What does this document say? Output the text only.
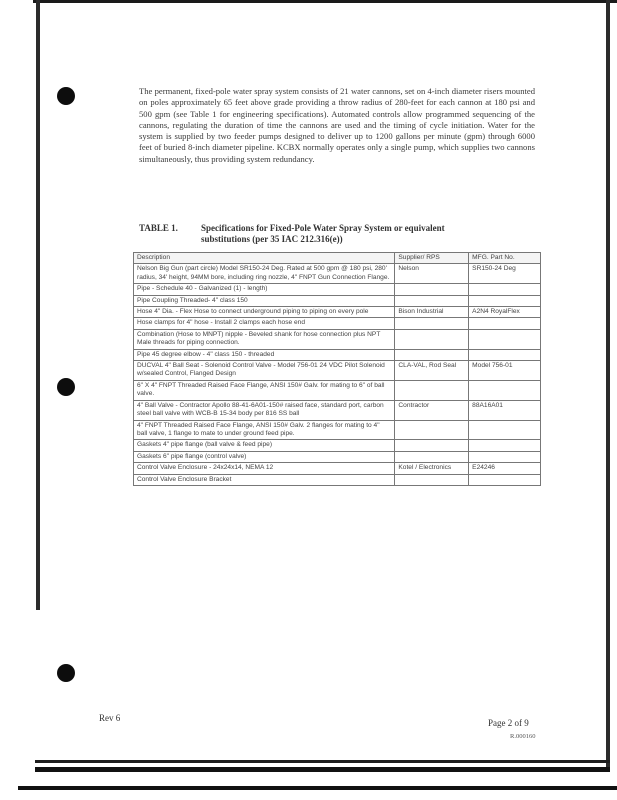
The permanent, fixed-pole water spray system consists of 21 water cannons, set on 4-inch diameter risers mounted on poles approximately 65 feet above grade providing a throw radius of 280-feet for each cannon at 180 psi and 500 gpm (see Table 1 for engineering specifications). Automated controls allow programmed sequencing of the cannons, regulating the duration of time the cannons are used and the timing of cycle initiation. Water for the system is supplied by two feeder pumps designed to deliver up to 1200 gallons per minute (gpm) through 6000 feet of buried 8-inch diameter pipeline. KCBX normally operates only a single pump, which supplies two cannons simultaneously, thus providing system redundancy.
TABLE 1.	Specifications for Fixed-Pole Water Spray System or equivalent
substitutions (per 35 IAC 212.316(e))
Description	Supplier/ RPS	MFG. Part No.
Nelson Big Gun (part circle) Model SR150-24 Deg. Rated at 500 gpm @ 180 psi, 280' radius, 34' height, 94MM bore, including ring nozzle, 4" FNPT Gun Connection Flange.	Nelson	SR150-24 Deg
Pipe - Schedule 40 - Galvanized (1) - length)		
Pipe Coupling Threaded- 4" class 150		
Hose 4" Dia. - Flex Hose to connect underground piping to piping on every pole	Bison Industrial	A2N4 RoyalFlex
Hose clamps for 4" hose - Install 2 clamps each hose end		
Combination (Hose to MNPT) nipple - Beveled shank for hose connection plus NPT Male threads for piping connection.		
Pipe 45 degree elbow - 4" class 150 - threaded		
DUCVAL 4" Ball Seat - Solenoid Control Valve - Model 756-01 24 VDC Pilot Solenoid w/sealed Control, Flanged Design	CLA-VAL, Rod Seal	Model 756-01
6" X 4" FNPT Threaded Raised Face Flange, ANSI 150# Galv. for mating to 6" of ball valve.		
4" Ball Valve - Contractor Apollo 88-41-6A01-150# raised face, standard port, carbon steel ball valve with WCB-B 15-34 body per 816 SS ball	Contractor	88A16A01
4" FNPT Threaded Raised Face Flange, ANSI 150# Galv. 2 flanges for mating to 4" ball valve, 1 flange to mate to under ground feed pipe.		
Gaskets 4" pipe flange (ball valve & feed pipe)		
Gaskets 6" pipe flange (control valve)		
Control Valve Enclosure - 24x24x14, NEMA 12	Kotel / Electronics	E24246
Control Valve Enclosure Bracket		
Rev 6	Page 2 of 9
R.000160
